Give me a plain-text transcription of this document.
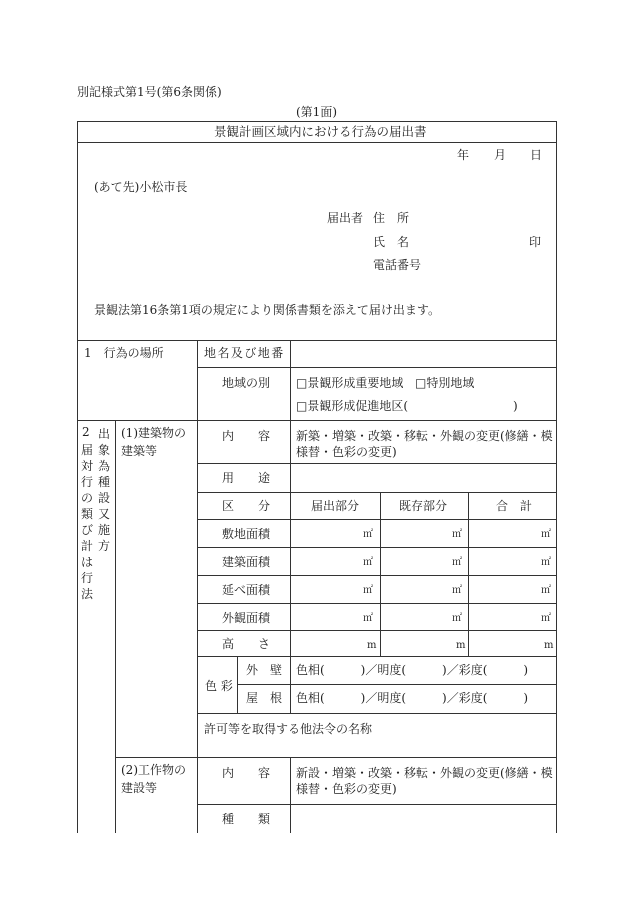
別記様式第1号(第6条関係)
(第1面)
景観計画区域内における行為の届出書
年 月 日
(あて先)小松市長
届出者 住　所
氏　名	印
電話番号
景観法第16条第1項の規定により関係書類を添えて届け出ます。
1　行為の場所	地名及び地番
地域の別 □景観形成重要地域 □特別地域
□景観形成促進地区(	)
2 出
象
為
種
設
又
施
方
届
対
行
の
類
び
計
は
行
法
(1)建築物の
建築等
内　　容 新築・増築・改築・移転・外観の変更(修繕・模
様替・色彩の変更)
用　　途
区　　分	届出部分	既存部分	合　計
敷地面積	㎡	㎡	㎡
建築面積	㎡	㎡	㎡
延べ面積	㎡	㎡	㎡
外観面積	㎡	㎡	㎡
高　　さ	m	m	m
色 彩
外　壁 色相(　　　)／明度(　　　)／彩度(　　　)
屋　根 色相(　　　)／明度(　　　)／彩度(　　　)
許可等を取得する他法令の名称
(2)工作物の
建設等
内　　容 新設・増築・改築・移転・外観の変更(修繕・模
様替・色彩の変更)
種　　類
